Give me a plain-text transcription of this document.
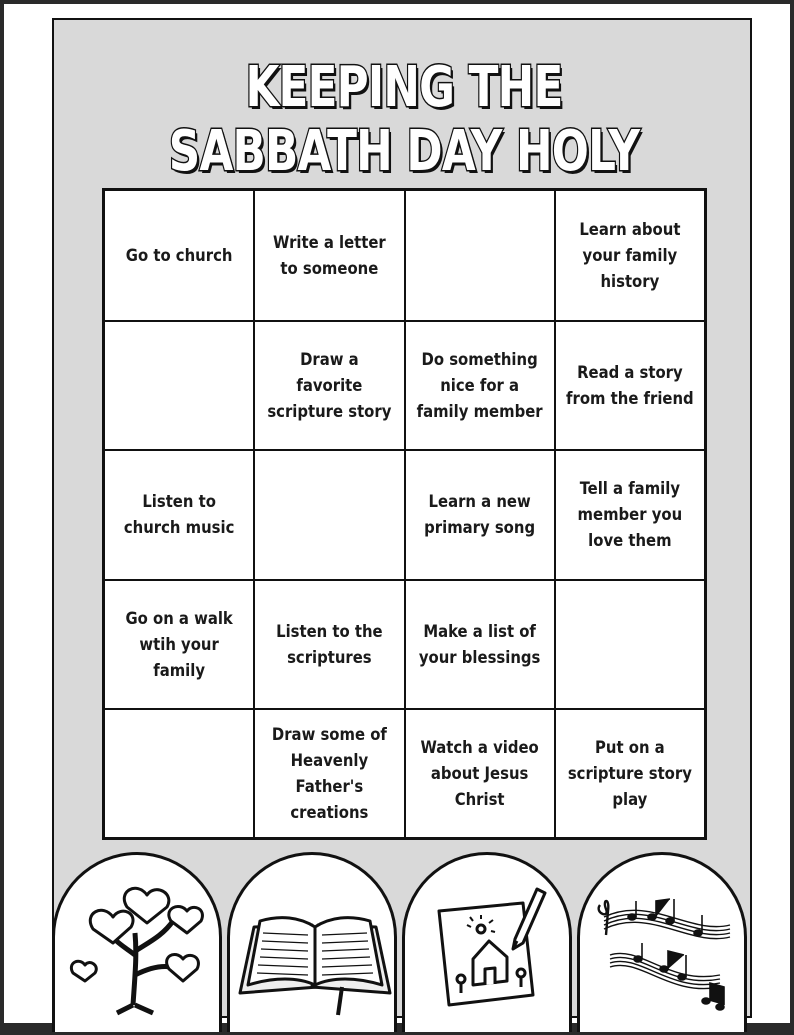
KEEPING THE
SABBATH DAY HOLY
Go to church
Write a letter
to someone
Learn about
your family
history
Draw a favorite
scripture story
Do something
nice for a
family member
Read a story
from the friend
Listen to
church music
Learn a new
primary song
Tell a family
member you
love them
Go on a walk
wtih your
family
Listen to the
scriptures
Make a list of
your blessings
Draw some of
Heavenly
Father's
creations
Watch a video
about Jesus
Christ
Put on a
scripture story
play
